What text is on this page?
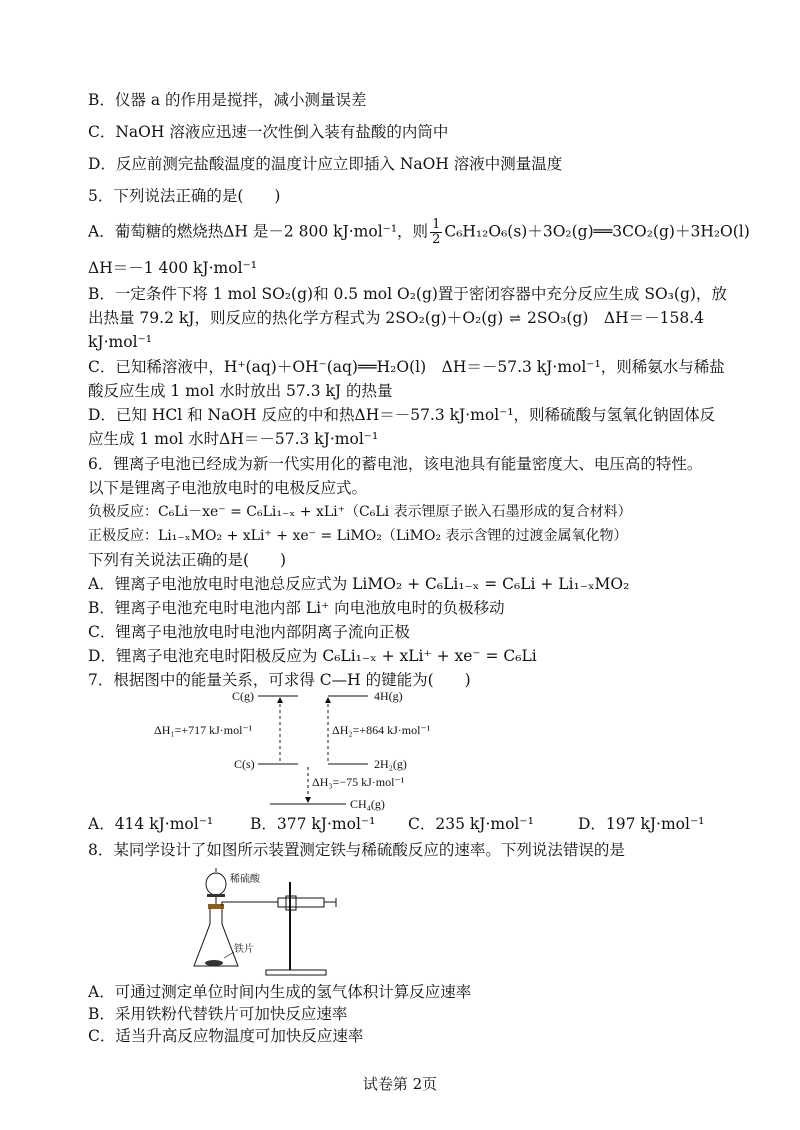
B．仪器 a 的作用是搅拌，减小测量误差
C．NaOH 溶液应迅速一次性倒入装有盐酸的内筒中
D．反应前测完盐酸温度的温度计应立即插入 NaOH 溶液中测量温度
5．下列说法正确的是(　　)
A．葡萄糖的燃烧热ΔH 是－2 800 kJ·mol⁻¹，则 $\frac{1}{2}$ C₆H₁₂O₆(s)＋3O₂(g)══3CO₂(g)＋3H₂O(l)
ΔH＝－1 400 kJ·mol⁻¹
B．一定条件下将 1 mol SO₂(g)和 0.5 mol O₂(g)置于密闭容器中充分反应生成 SO₃(g)，放
出热量 79.2 kJ，则反应的热化学方程式为 2SO₂(g)＋O₂(g) ⇌ 2SO₃(g)　ΔH＝－158.4
kJ·mol⁻¹
C．已知稀溶液中，H⁺(aq)＋OH⁻(aq)══H₂O(l)　ΔH＝－57.3 kJ·mol⁻¹，则稀氨水与稀盐
酸反应生成 1 mol 水时放出 57.3 kJ 的热量
D．已知 HCl 和 NaOH 反应的中和热ΔH＝－57.3 kJ·mol⁻¹，则稀硫酸与氢氧化钠固体反
应生成 1 mol 水时ΔH＝－57.3 kJ·mol⁻¹
6．锂离子电池已经成为新一代实用化的蓄电池，该电池具有能量密度大、电压高的特性。
以下是锂离子电池放电时的电极反应式。
负极反应：C₆Li－xe⁻ = C₆Li₁₋ₓ + xLi⁺（C₆Li 表示锂原子嵌入石墨形成的复合材料）
正极反应：Li₁₋ₓMO₂ + xLi⁺ + xe⁻ = LiMO₂（LiMO₂ 表示含锂的过渡金属氧化物）
下列有关说法正确的是(　　)
A．锂离子电池放电时电池总反应式为 LiMO₂ + C₆Li₁₋ₓ = C₆Li + Li₁₋ₓMO₂
B．锂离子电池充电时电池内部 Li⁺ 向电池放电时的负极移动
C．锂离子电池放电时电池内部阴离子流向正极
D．锂离子电池充电时阳极反应为 C₆Li₁₋ₓ + xLi⁺ + xe⁻ = C₆Li
7．根据图中的能量关系，可求得 C—H 的键能为(　　)
C(g)	4H(g)
ΔH₁=+717 kJ·mol⁻¹	ΔH₂=+864 kJ·mol⁻¹
C(s)	2H₂(g)
ΔH₃=−75 kJ·mol⁻¹
CH₄(g)
A．414 kJ·mol⁻¹ B．377 kJ·mol⁻¹ C．235 kJ·mol⁻¹	D．197 kJ·mol⁻¹
8．某同学设计了如图所示装置测定铁与稀硫酸反应的速率。下列说法错误的是
稀硫酸
铁片
A．可通过测定单位时间内生成的氢气体积计算反应速率
B．采用铁粉代替铁片可加快反应速率
C．适当升高反应物温度可加快反应速率
试卷第 2页
